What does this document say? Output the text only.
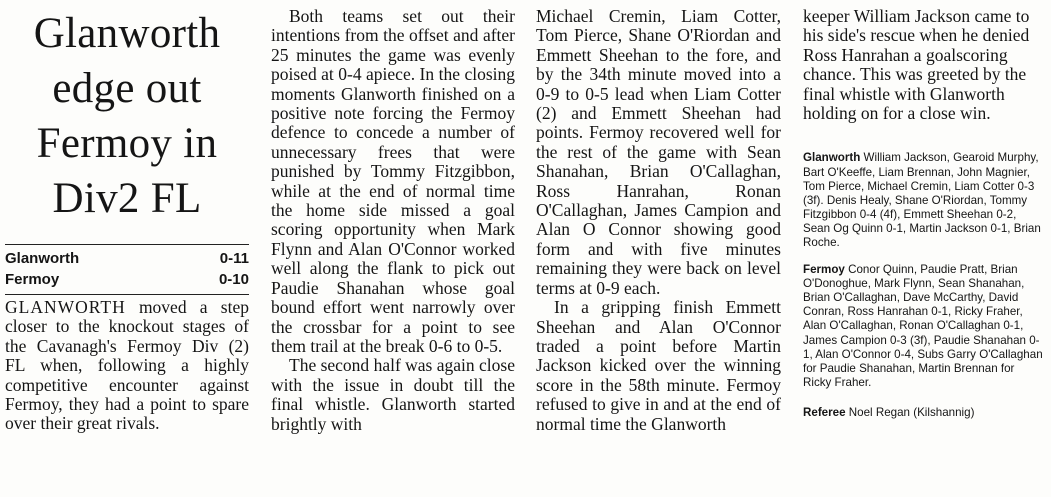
Glanworth edge out Fermoy in Div2 FL
Glanworth	0-11
Fermoy	0-10

GLANWORTH moved a step closer to the knockout stages of the Cavanagh's Fermoy Div (2) FL when, following a highly competitive encounter against Fermoy, they had a point to spare over their great rivals.

Both teams set out their intentions from the offset and after 25 minutes the game was evenly poised at 0-4 apiece. In the closing moments Glanworth finished on a positive note forcing the Fermoy defence to concede a number of unnecessary frees that were punished by Tommy Fitzgibbon, while at the end of normal time the home side missed a goal scoring opportunity when Mark Flynn and Alan O'Connor worked well along the flank to pick out Paudie Shanahan whose goal bound effort went narrowly over the crossbar for a point to see them trail at the break 0-6 to 0-5.

The second half was again close with the issue in doubt till the final whistle. Glanworth started brightly with

Michael Cremin, Liam Cotter, Tom Pierce, Shane O'Riordan and Emmett Sheehan to the fore, and by the 34th minute moved into a 0-9 to 0-5 lead when Liam Cotter (2) and Emmett Sheehan had points. Fermoy recovered well for the rest of the game with Sean Shanahan, Brian O'Callaghan, Ross Hanrahan, Ronan O'Callaghan, James Campion and Alan O Connor showing good form and with five minutes remaining they were back on level terms at 0-9 each.

In a gripping finish Emmett Sheehan and Alan O'Connor traded a point before Martin Jackson kicked over the winning score in the 58th minute. Fermoy refused to give in and at the end of normal time the Glanworth

keeper William Jackson came to his side's rescue when he denied Ross Hanrahan a goalscoring chance. This was greeted by the final whistle with Glanworth holding on for a close win.

Glanworth William Jackson, Gearoid Murphy, Bart O'Keeffe, Liam Brennan, John Magnier, Tom Pierce, Michael Cremin, Liam Cotter 0-3 (3f). Denis Healy, Shane O'Riordan, Tommy Fitzgibbon 0-4 (4f), Emmett Sheehan 0-2, Sean Og Quinn 0-1, Martin Jackson 0-1, Brian Roche.

Fermoy Conor Quinn, Paudie Pratt, Brian O'Donoghue, Mark Flynn, Sean Shanahan, Brian O'Callaghan, Dave McCarthy, David Conran, Ross Hanrahan 0-1, Ricky Fraher, Alan O'Callaghan, Ronan O'Callaghan 0-1, James Campion 0-3 (3f), Paudie Shanahan 0-1, Alan O'Connor 0-4, Subs Garry O'Callaghan for Paudie Shanahan, Martin Brennan for Ricky Fraher.

Referee Noel Regan (Kilshannig)
